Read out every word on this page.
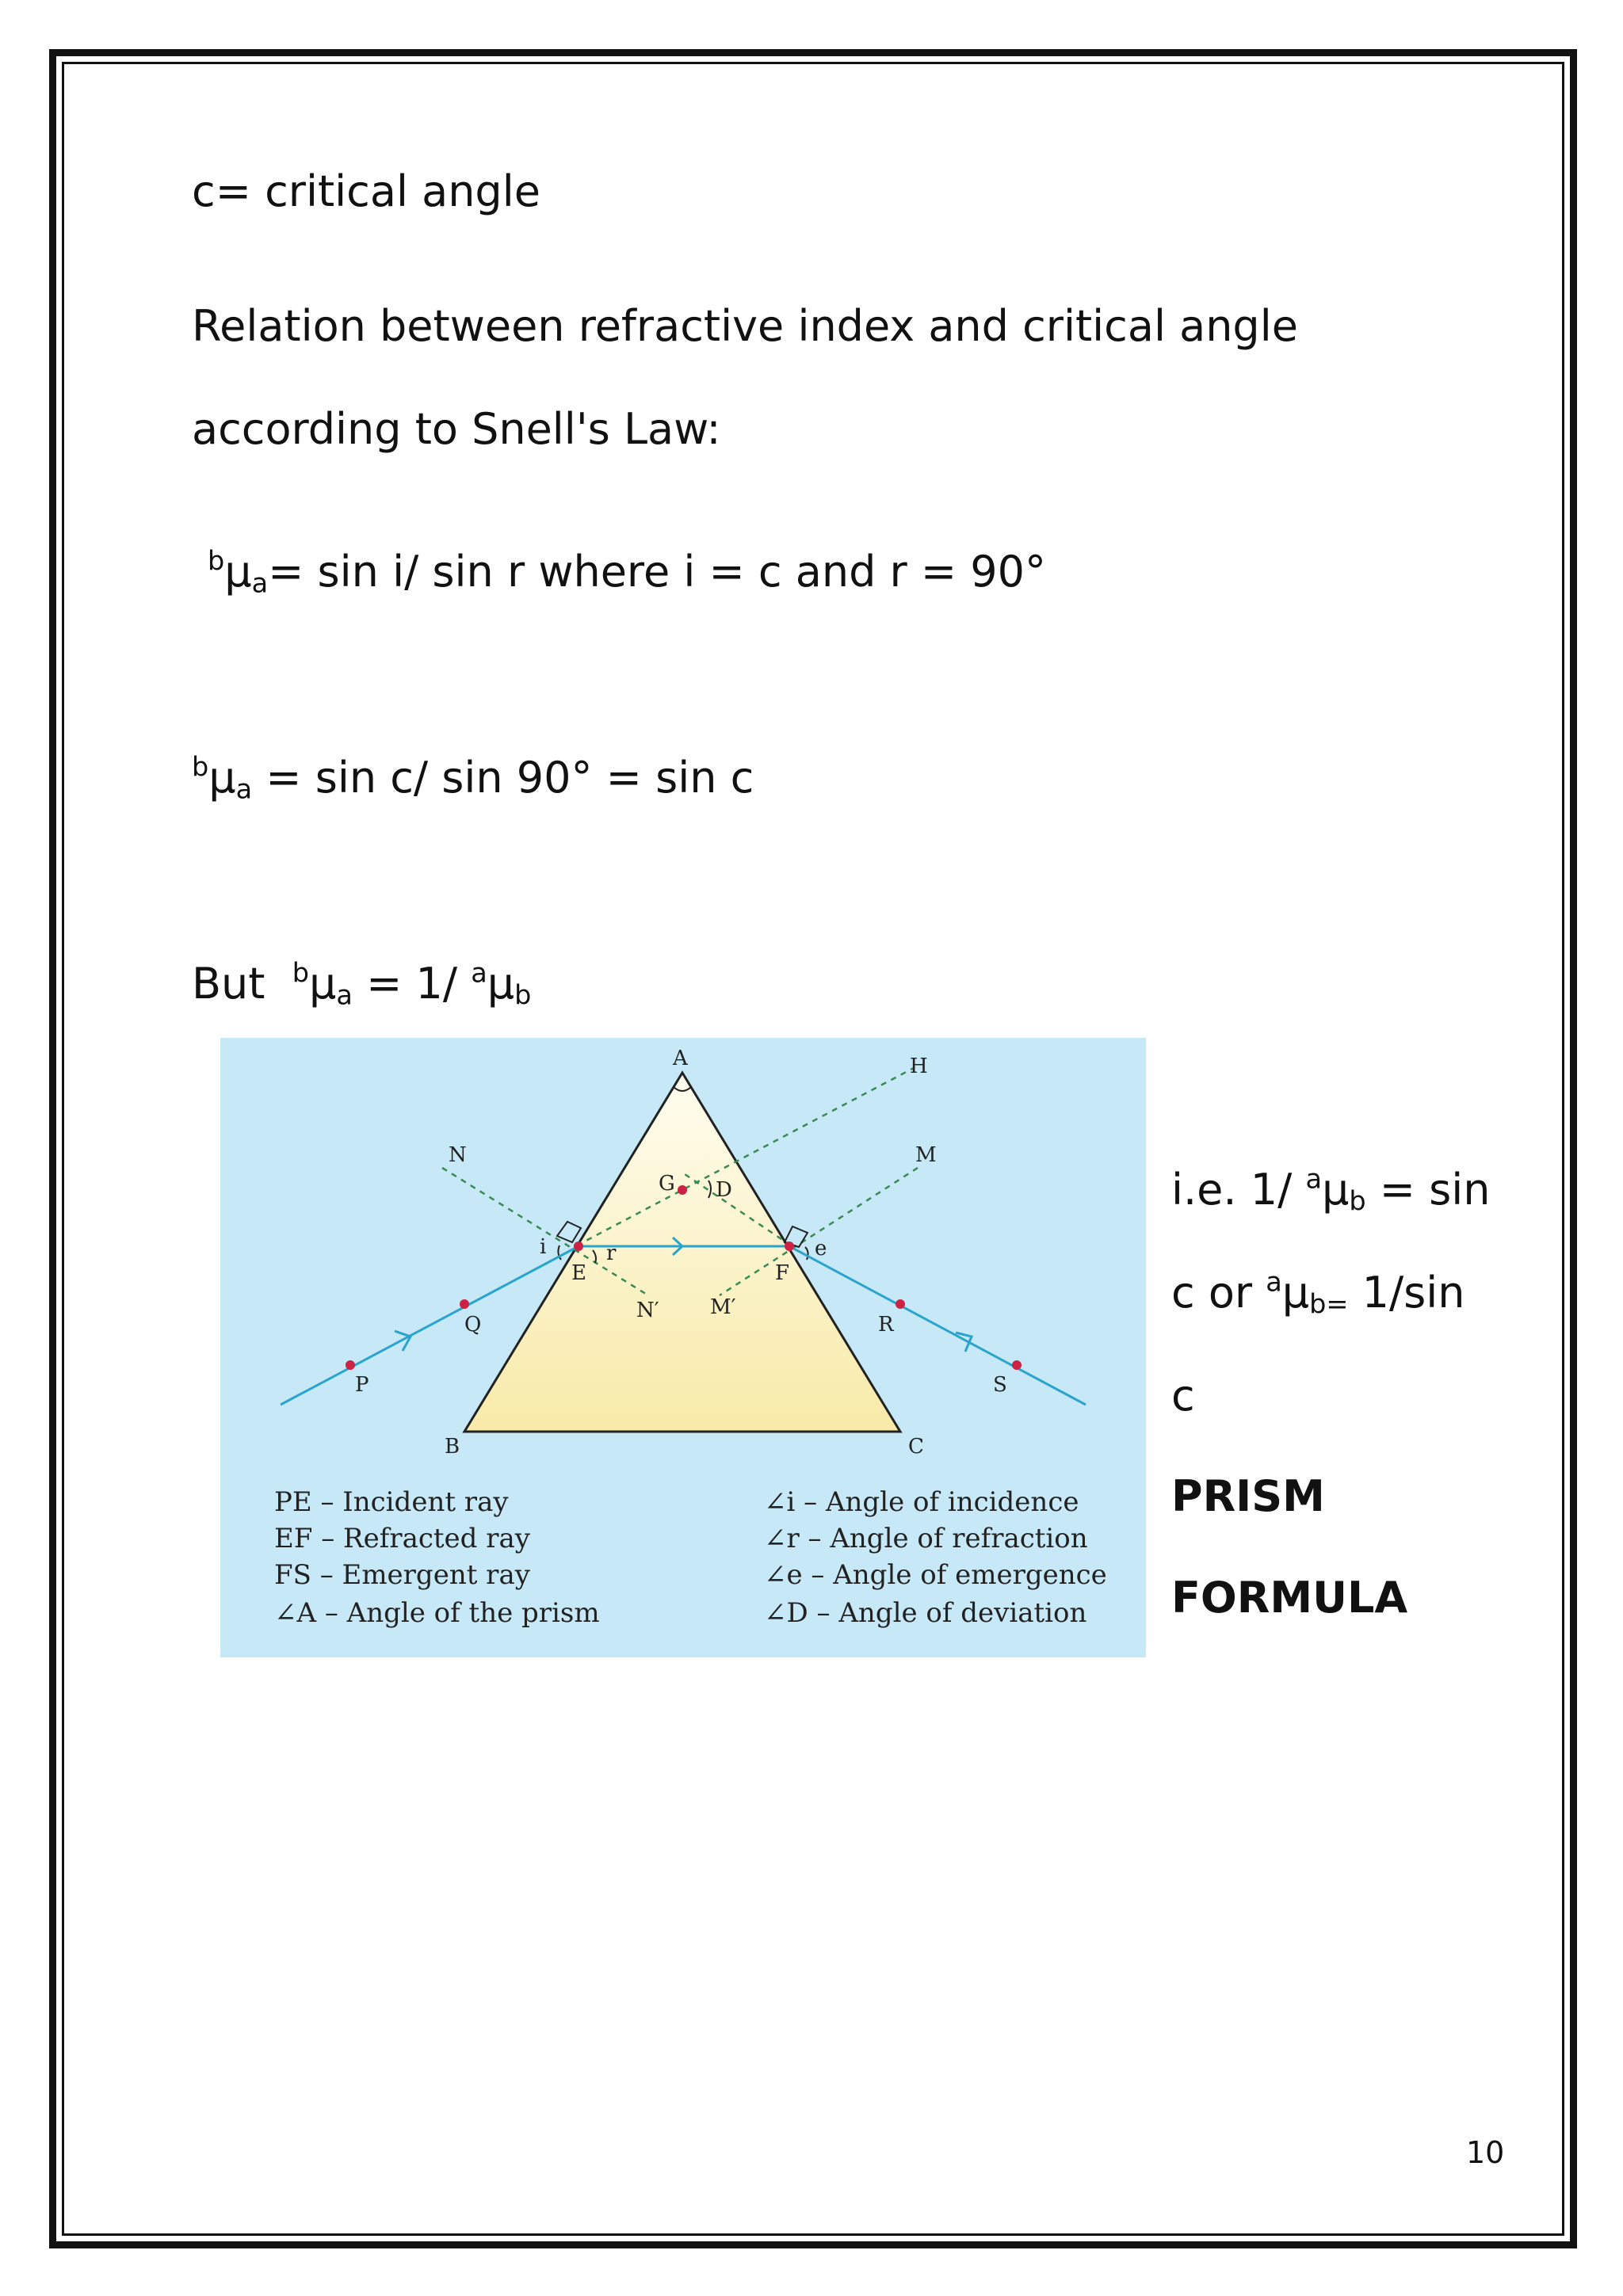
c= critical angle
Relation between refractive index and critical angle
according to Snell's Law:
$^b\mu_a= \sin i/$ sin r where i = c and r = 90°
$^b\mu_a = \sin c/$ sin 90° = sin c
But  $^b\mu_a = 1/$ $^a\mu_b$
A	H
N	M
G D
i	r	e
E	F
N′ M′
Q	R
P	S
B	C
PE – Incident ray
EF – Refracted ray
FS – Emergent ray
∠A – Angle of the prism
∠i – Angle of incidence
∠r – Angle of refraction
∠e – Angle of emergence
∠D – Angle of deviation
i.e. 1/ $^a\mu_b = \sin$
c or $^a\mu_{b=}$ 1/sin
c
PRISM
FORMULA
10
